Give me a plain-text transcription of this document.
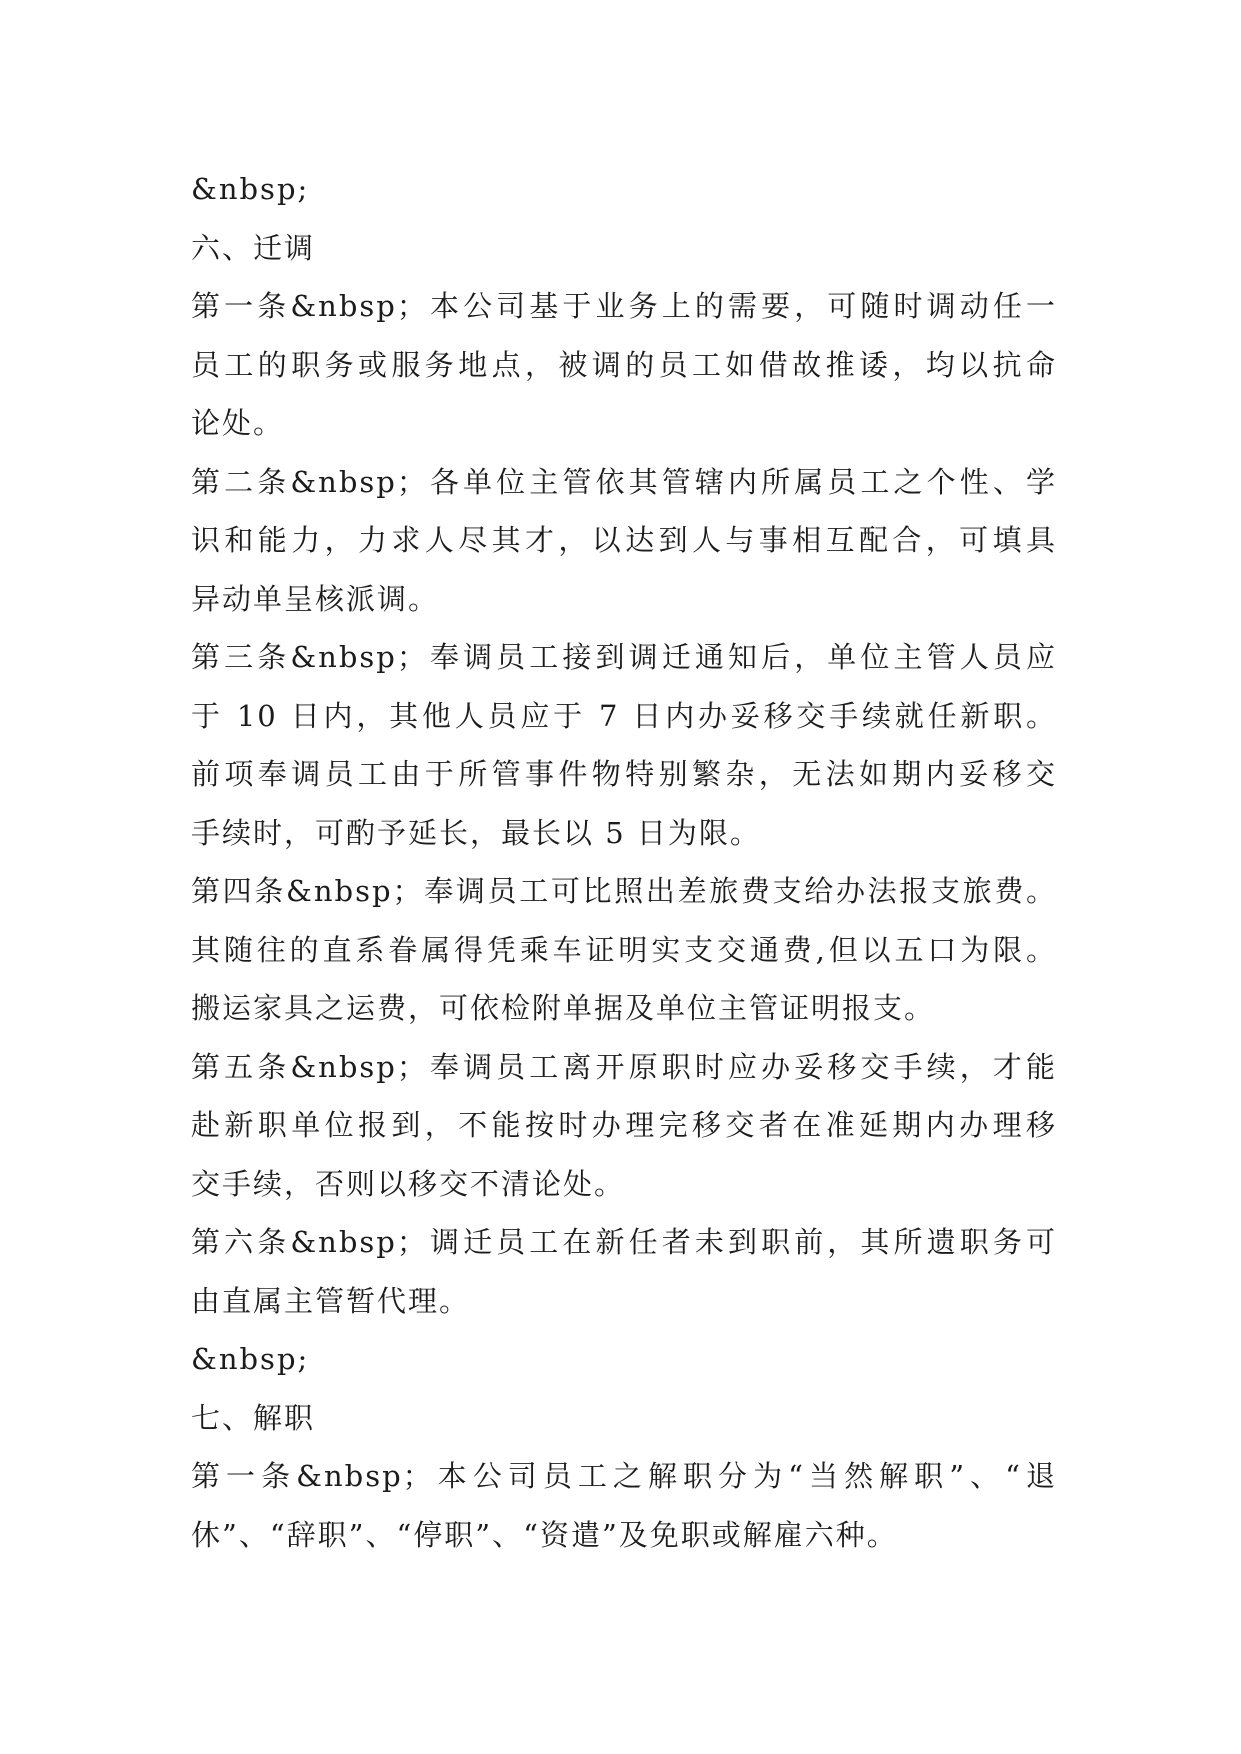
&nbsp;
六、迁调
第一条&nbsp；本公司基于业务上的需要，可随时调动任一
员工的职务或服务地点，被调的员工如借故推诿，均以抗命
论处。
第二条&nbsp；各单位主管依其管辖内所属员工之个性、学
识和能力，力求人尽其才，以达到人与事相互配合，可填具
异动单呈核派调。
第三条&nbsp；奉调员工接到调迁通知后，单位主管人员应
于 10 日内，其他人员应于 7 日内办妥移交手续就任新职。
前项奉调员工由于所管事件物特别繁杂，无法如期内妥移交
手续时，可酌予延长，最长以 5 日为限。
第四条&nbsp；奉调员工可比照出差旅费支给办法报支旅费。
其随往的直系眷属得凭乘车证明实支交通费,但以五口为限。
搬运家具之运费，可依检附单据及单位主管证明报支。
第五条&nbsp；奉调员工离开原职时应办妥移交手续，才能
赴新职单位报到，不能按时办理完移交者在准延期内办理移
交手续，否则以移交不清论处。
第六条&nbsp；调迁员工在新任者未到职前，其所遗职务可
由直属主管暂代理。
&nbsp;
七、解职
第一条&nbsp；本公司员工之解职分为“当然解职”、“退
休”、“辞职”、“停职”、“资遣”及免职或解雇六种。
